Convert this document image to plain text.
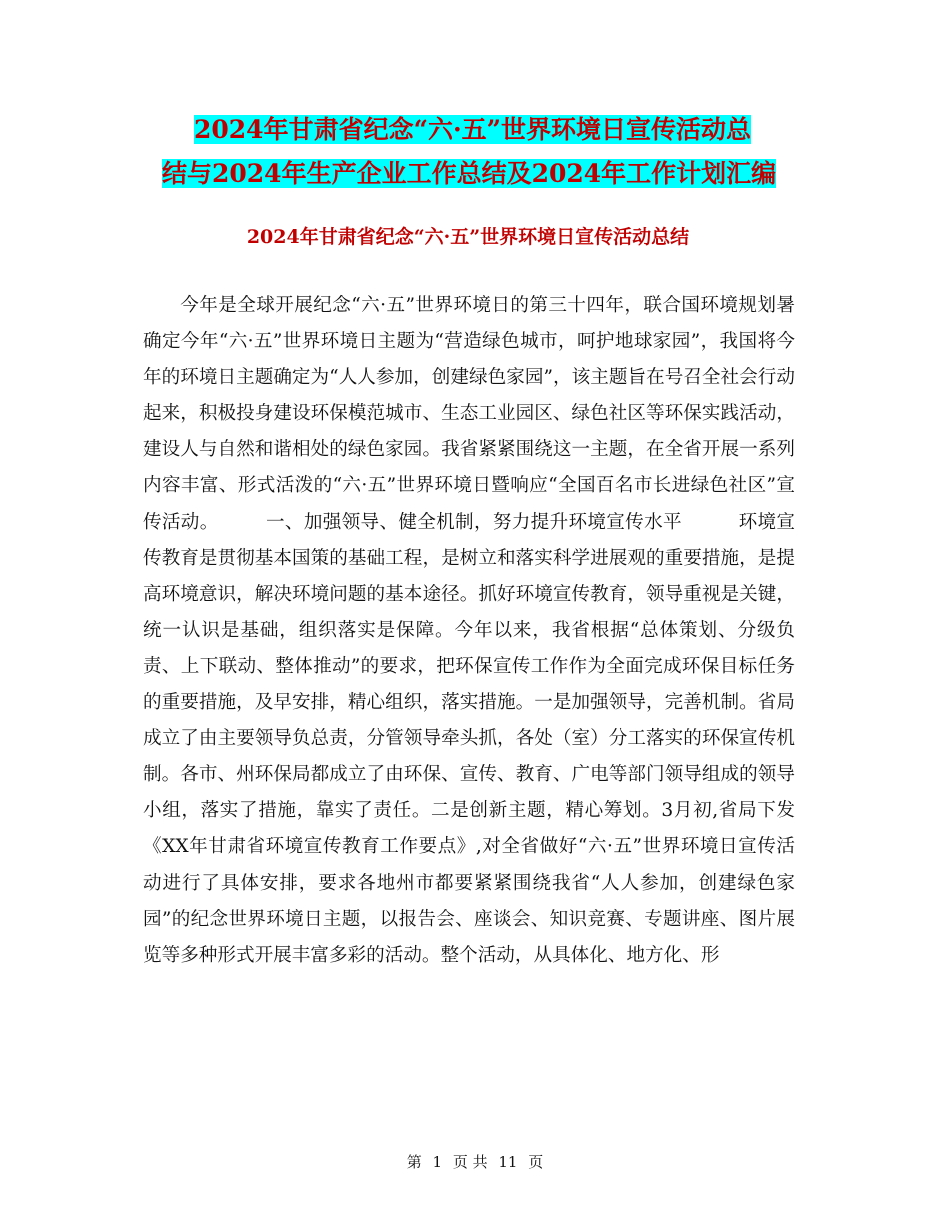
2024年甘肃省纪念“六·五”世界环境日宣传活动总
结与2024年生产企业工作总结及2024年工作计划汇编
2024年甘肃省纪念“六·五”世界环境日宣传活动总结

今年是全球开展纪念“六·五”世界环境日的第三十四年，联合国环境规划暑确定今年“六·五”世界环境日主题为“营造绿色城市，呵护地球家园”，我国将今年的环境日主题确定为“人人参加，创建绿色家园”，该主题旨在号召全社会行动起来，积极投身建设环保模范城市、生态工业园区、绿色社区等环保实践活动，建设人与自然和谐相处的绿色家园。我省紧紧围绕这一主题，在全省开展一系列内容丰富、形式活泼的“六·五”世界环境日暨响应“全国百名市长进绿色社区”宣传活动。　　　一、加强领导、健全机制，努力提升环境宣传水平　　　环境宣传教育是贯彻基本国策的基础工程，是树立和落实科学进展观的重要措施，是提高环境意识，解决环境问题的基本途径。抓好环境宣传教育，领导重视是关键，统一认识是基础，组织落实是保障。今年以来，我省根据“总体策划、分级负责、上下联动、整体推动”的要求，把环保宣传工作作为全面完成环保目标任务的重要措施，及早安排，精心组织，落实措施。一是加强领导，完善机制。省局成立了由主要领导负总责，分管领导牵头抓，各处（室）分工落实的环保宣传机制。各市、州环保局都成立了由环保、宣传、教育、广电等部门领导组成的领导小组，落实了措施，靠实了责任。二是创新主题，精心筹划。3月初,省局下发《XX年甘肃省环境宣传教育工作要点》,对全省做好“六·五”世界环境日宣传活动进行了具体安排，要求各地州市都要紧紧围绕我省“人人参加，创建绿色家园”的纪念世界环境日主题，以报告会、座谈会、知识竞赛、专题讲座、图片展览等多种形式开展丰富多彩的活动。整个活动，从具体化、地方化、形

第 1 页 共 11 页
